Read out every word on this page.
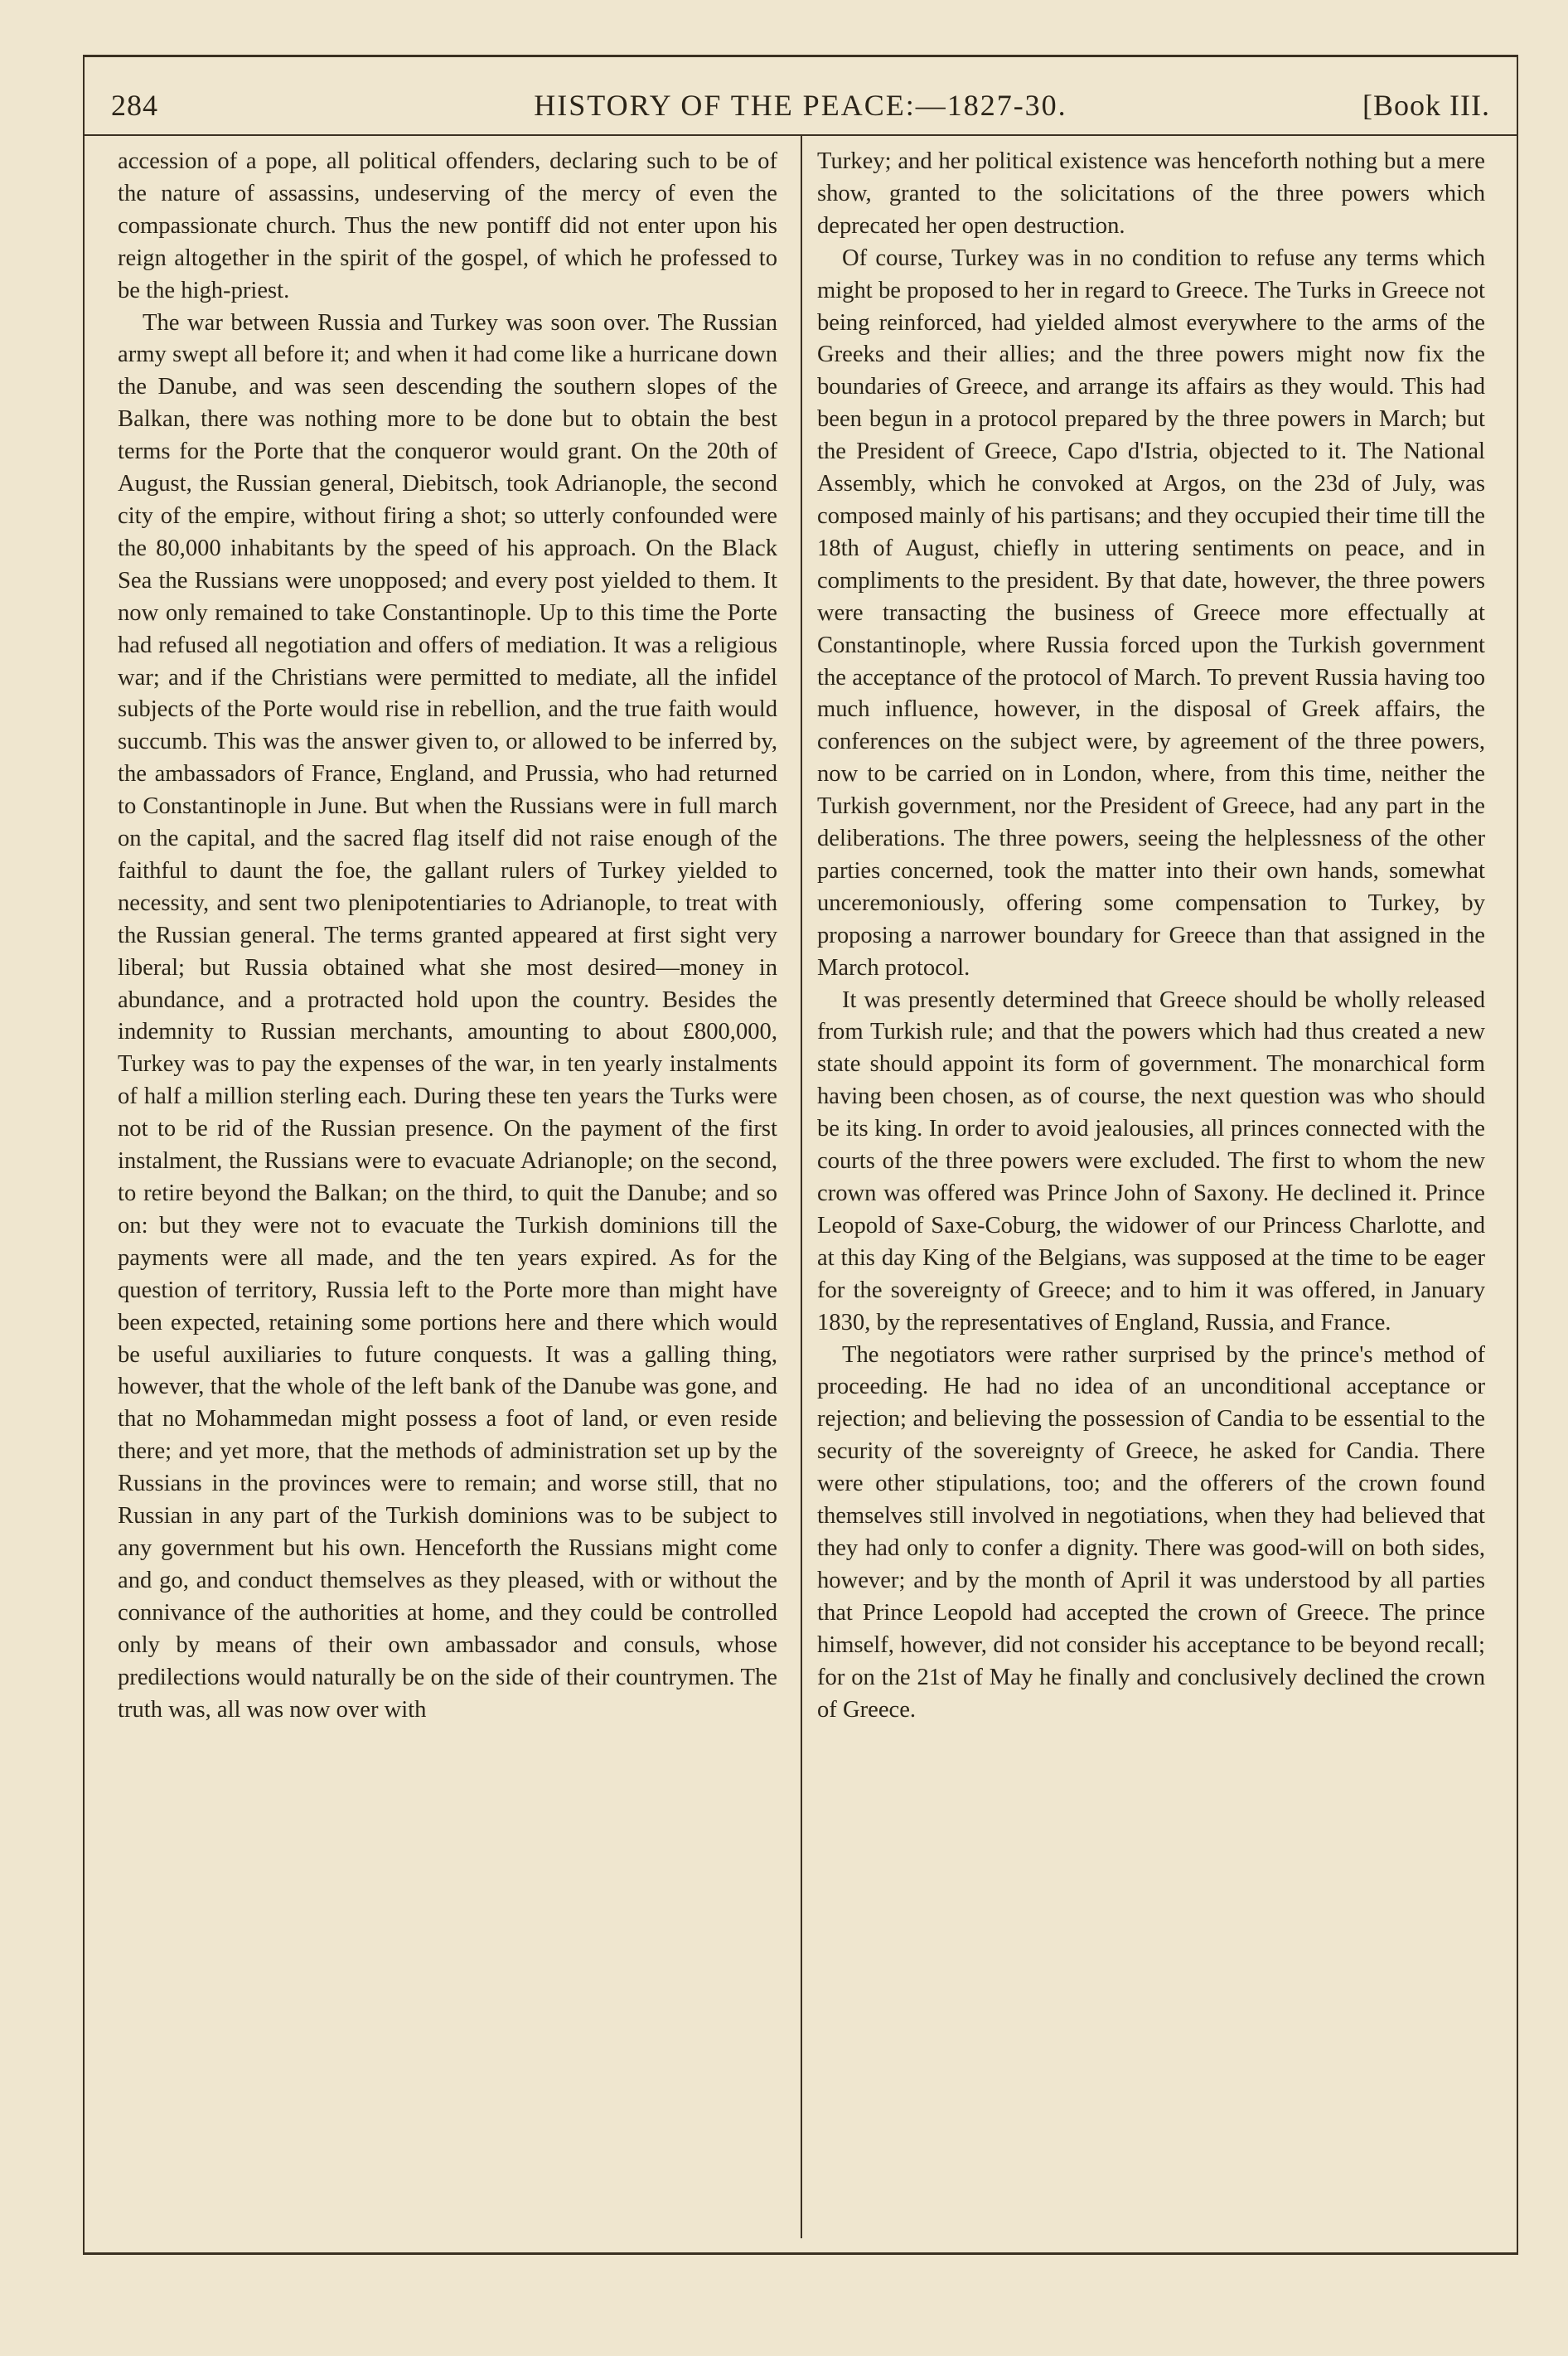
284	HISTORY OF THE PEACE:—1827-30.	[Book III.

accession of a pope, all political offenders, declaring such to be of the nature of assassins, undeserving of the mercy of even the compassionate church. Thus the new pontiff did not enter upon his reign altogether in the spirit of the gospel, of which he professed to be the high-priest.

The war between Russia and Turkey was soon over. The Russian army swept all before it; and when it had come like a hurricane down the Danube, and was seen descending the southern slopes of the Balkan, there was nothing more to be done but to obtain the best terms for the Porte that the conqueror would grant. On the 20th of August, the Russian general, Diebitsch, took Adrianople, the second city of the empire, without firing a shot; so utterly confounded were the 80,000 inhabitants by the speed of his approach. On the Black Sea the Russians were unopposed; and every post yielded to them. It now only remained to take Constantinople. Up to this time the Porte had refused all negotiation and offers of mediation. It was a religious war; and if the Christians were permitted to mediate, all the infidel subjects of the Porte would rise in rebellion, and the true faith would succumb. This was the answer given to, or allowed to be inferred by, the ambassadors of France, England, and Prussia, who had returned to Constantinople in June. But when the Russians were in full march on the capital, and the sacred flag itself did not raise enough of the faithful to daunt the foe, the gallant rulers of Turkey yielded to necessity, and sent two plenipotentiaries to Adrianople, to treat with the Russian general. The terms granted appeared at first sight very liberal; but Russia obtained what she most desired—money in abundance, and a protracted hold upon the country. Besides the indemnity to Russian merchants, amounting to about £800,000, Turkey was to pay the expenses of the war, in ten yearly instalments of half a million sterling each. During these ten years the Turks were not to be rid of the Russian presence. On the payment of the first instalment, the Russians were to evacuate Adrianople; on the second, to retire beyond the Balkan; on the third, to quit the Danube; and so on: but they were not to evacuate the Turkish dominions till the payments were all made, and the ten years expired. As for the question of territory, Russia left to the Porte more than might have been expected, retaining some portions here and there which would be useful auxiliaries to future conquests. It was a galling thing, however, that the whole of the left bank of the Danube was gone, and that no Mohammedan might possess a foot of land, or even reside there; and yet more, that the methods of administration set up by the Russians in the provinces were to remain; and worse still, that no Russian in any part of the Turkish dominions was to be subject to any government but his own. Henceforth the Russians might come and go, and conduct themselves as they pleased, with or without the connivance of the authorities at home, and they could be controlled only by means of their own ambassador and consuls, whose predilections would naturally be on the side of their countrymen. The truth was, all was now over with

Turkey; and her political existence was henceforth nothing but a mere show, granted to the solicitations of the three powers which deprecated her open destruction.

Of course, Turkey was in no condition to refuse any terms which might be proposed to her in regard to Greece. The Turks in Greece not being reinforced, had yielded almost everywhere to the arms of the Greeks and their allies; and the three powers might now fix the boundaries of Greece, and arrange its affairs as they would. This had been begun in a protocol prepared by the three powers in March; but the President of Greece, Capo d'Istria, objected to it. The National Assembly, which he convoked at Argos, on the 23d of July, was composed mainly of his partisans; and they occupied their time till the 18th of August, chiefly in uttering sentiments on peace, and in compliments to the president. By that date, however, the three powers were transacting the business of Greece more effectually at Constantinople, where Russia forced upon the Turkish government the acceptance of the protocol of March. To prevent Russia having too much influence, however, in the disposal of Greek affairs, the conferences on the subject were, by agreement of the three powers, now to be carried on in London, where, from this time, neither the Turkish government, nor the President of Greece, had any part in the deliberations. The three powers, seeing the helplessness of the other parties concerned, took the matter into their own hands, somewhat unceremoniously, offering some compensation to Turkey, by proposing a narrower boundary for Greece than that assigned in the March protocol.

It was presently determined that Greece should be wholly released from Turkish rule; and that the powers which had thus created a new state should appoint its form of government. The monarchical form having been chosen, as of course, the next question was who should be its king. In order to avoid jealousies, all princes connected with the courts of the three powers were excluded. The first to whom the new crown was offered was Prince John of Saxony. He declined it. Prince Leopold of Saxe-Coburg, the widower of our Princess Charlotte, and at this day King of the Belgians, was supposed at the time to be eager for the sovereignty of Greece; and to him it was offered, in January 1830, by the representatives of England, Russia, and France.

The negotiators were rather surprised by the prince's method of proceeding. He had no idea of an unconditional acceptance or rejection; and believing the possession of Candia to be essential to the security of the sovereignty of Greece, he asked for Candia. There were other stipulations, too; and the offerers of the crown found themselves still involved in negotiations, when they had believed that they had only to confer a dignity. There was good-will on both sides, however; and by the month of April it was understood by all parties that Prince Leopold had accepted the crown of Greece. The prince himself, however, did not consider his acceptance to be beyond recall; for on the 21st of May he finally and conclusively declined the crown of Greece.
